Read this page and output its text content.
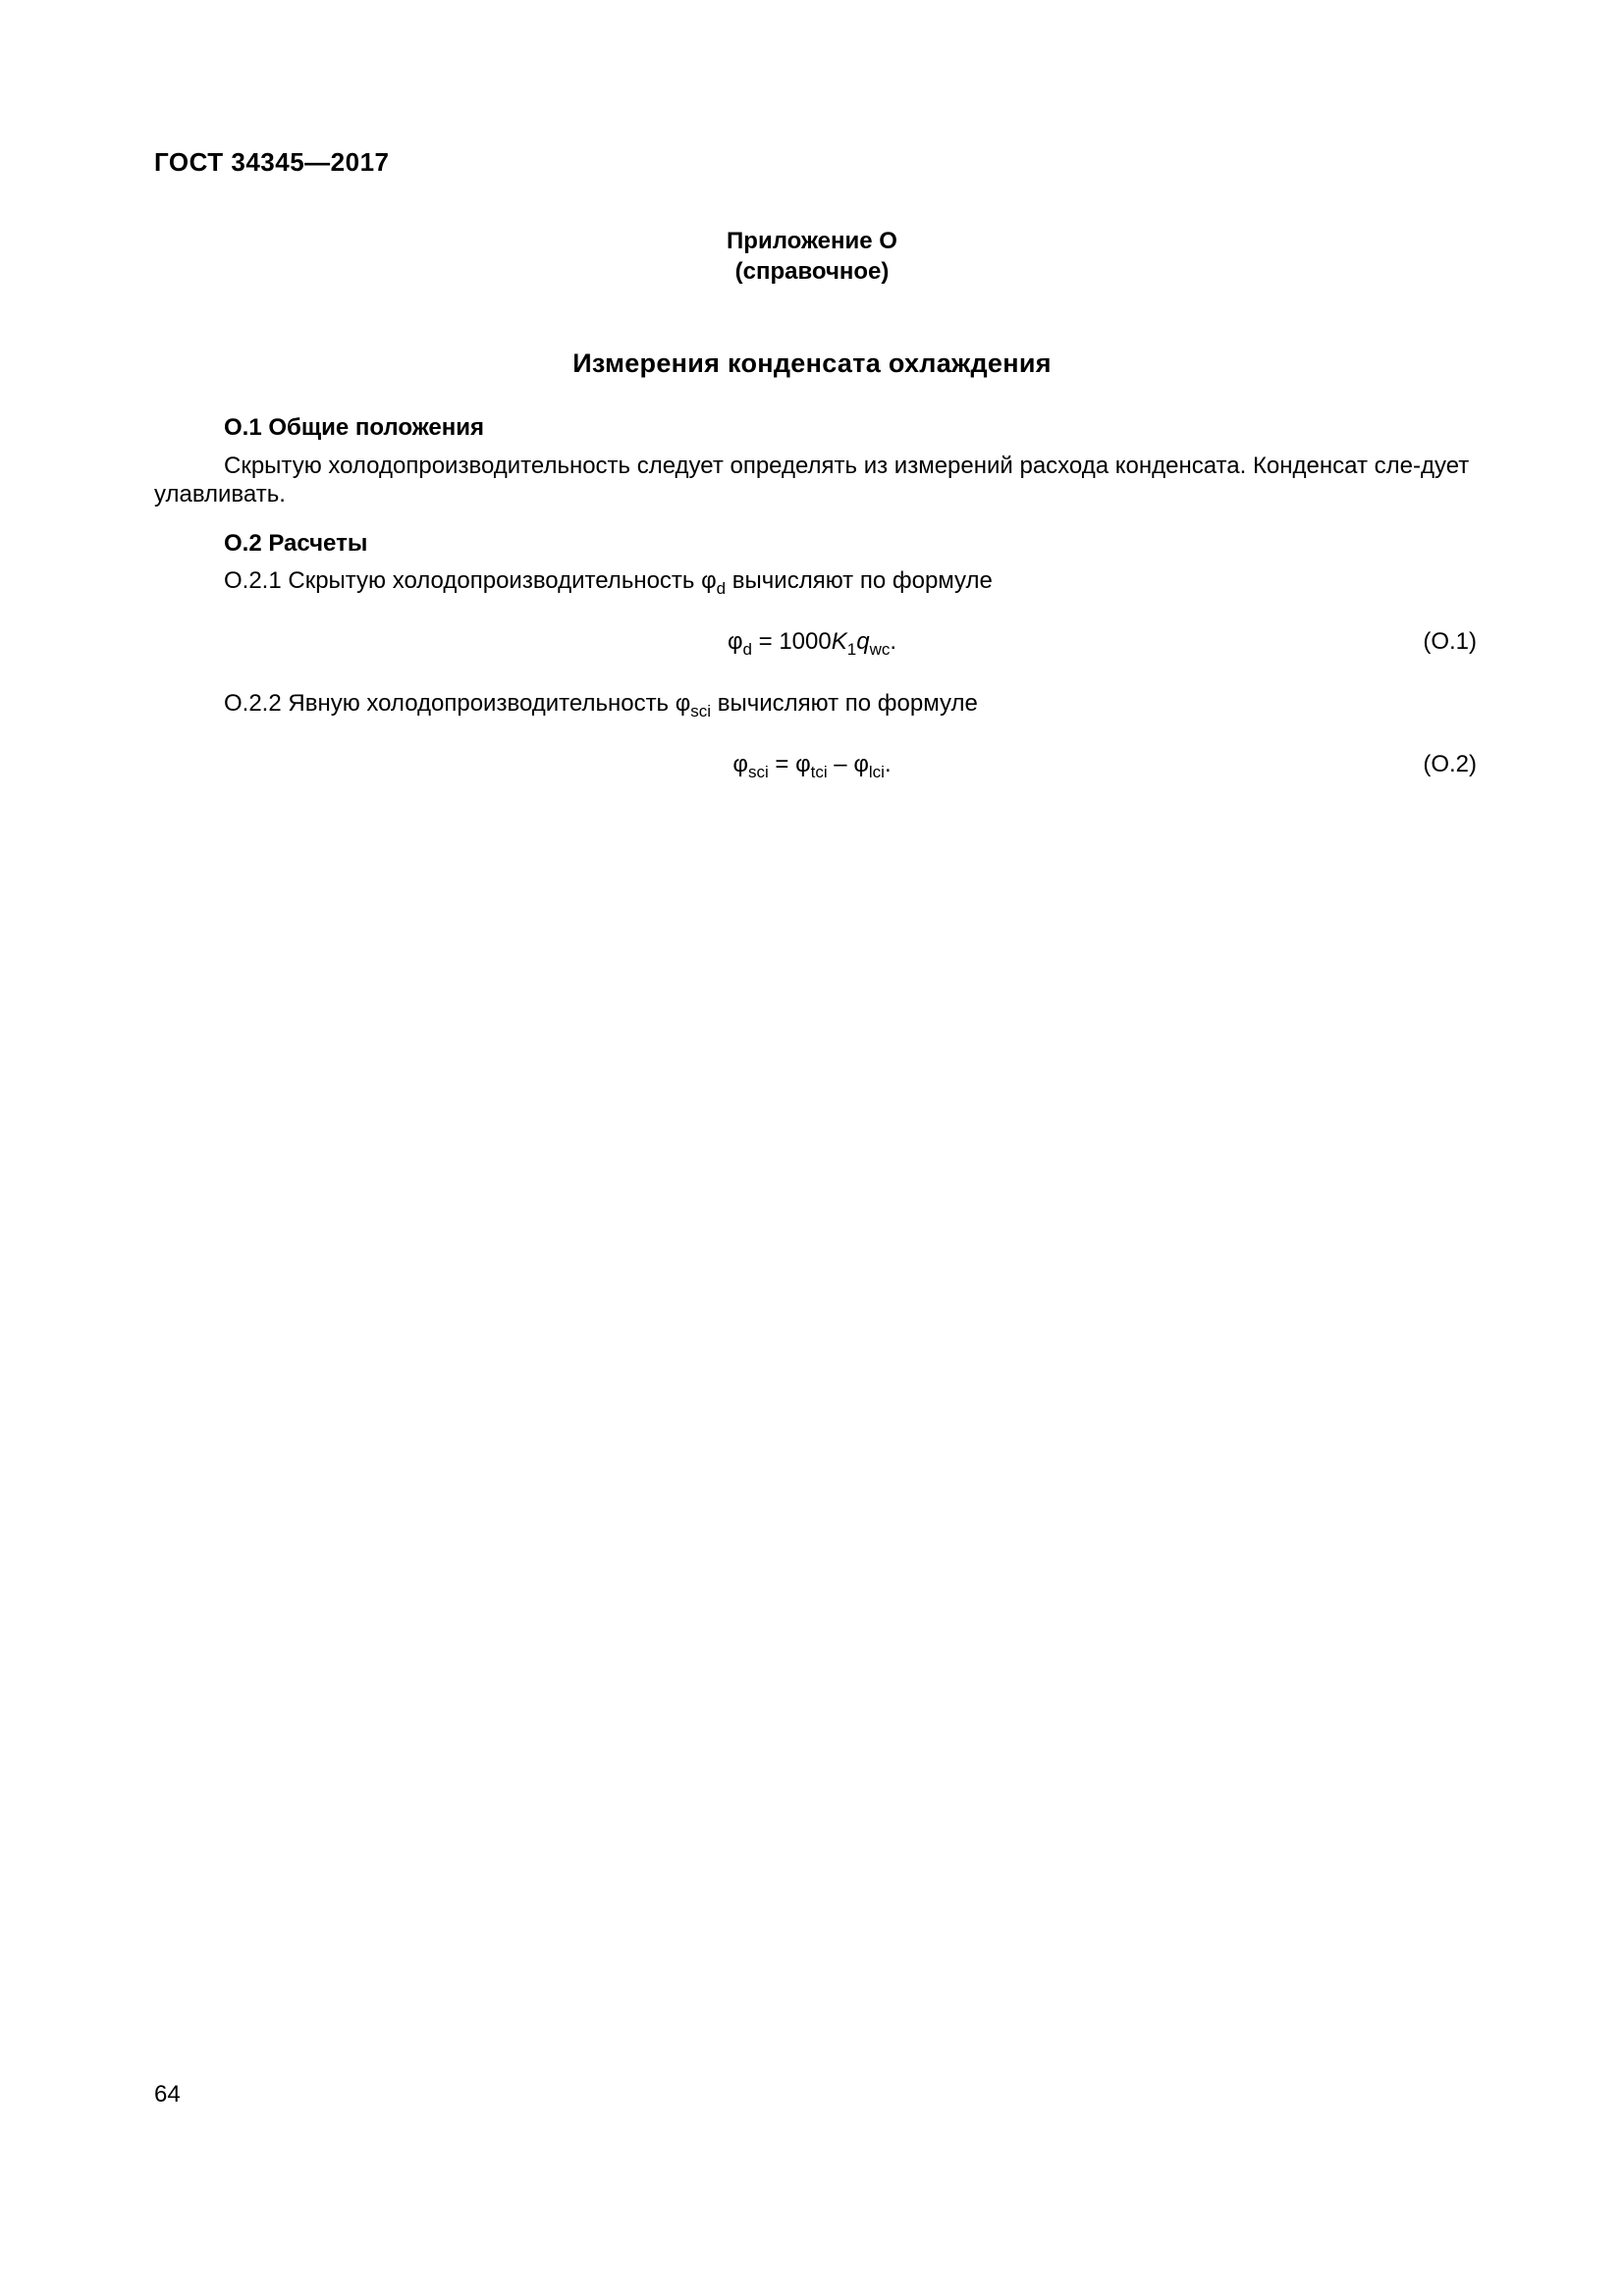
ГОСТ 34345—2017
Приложение О
(справочное)
Измерения конденсата охлаждения
О.1 Общие положения
Скрытую холодопроизводительность следует определять из измерений расхода конденсата. Конденсат сле-дует улавливать.
О.2 Расчеты
О.2.1 Скрытую холодопроизводительность $\varphi_d$ вычисляют по формуле
$\varphi_d = 1000K_1q_{wc}$.	(О.1)
О.2.2 Явную холодопроизводительность $\varphi_{sci}$ вычисляют по формуле
$\varphi_{sci} = \varphi_{tci} - \varphi_{lci}$.	(О.2)
64
